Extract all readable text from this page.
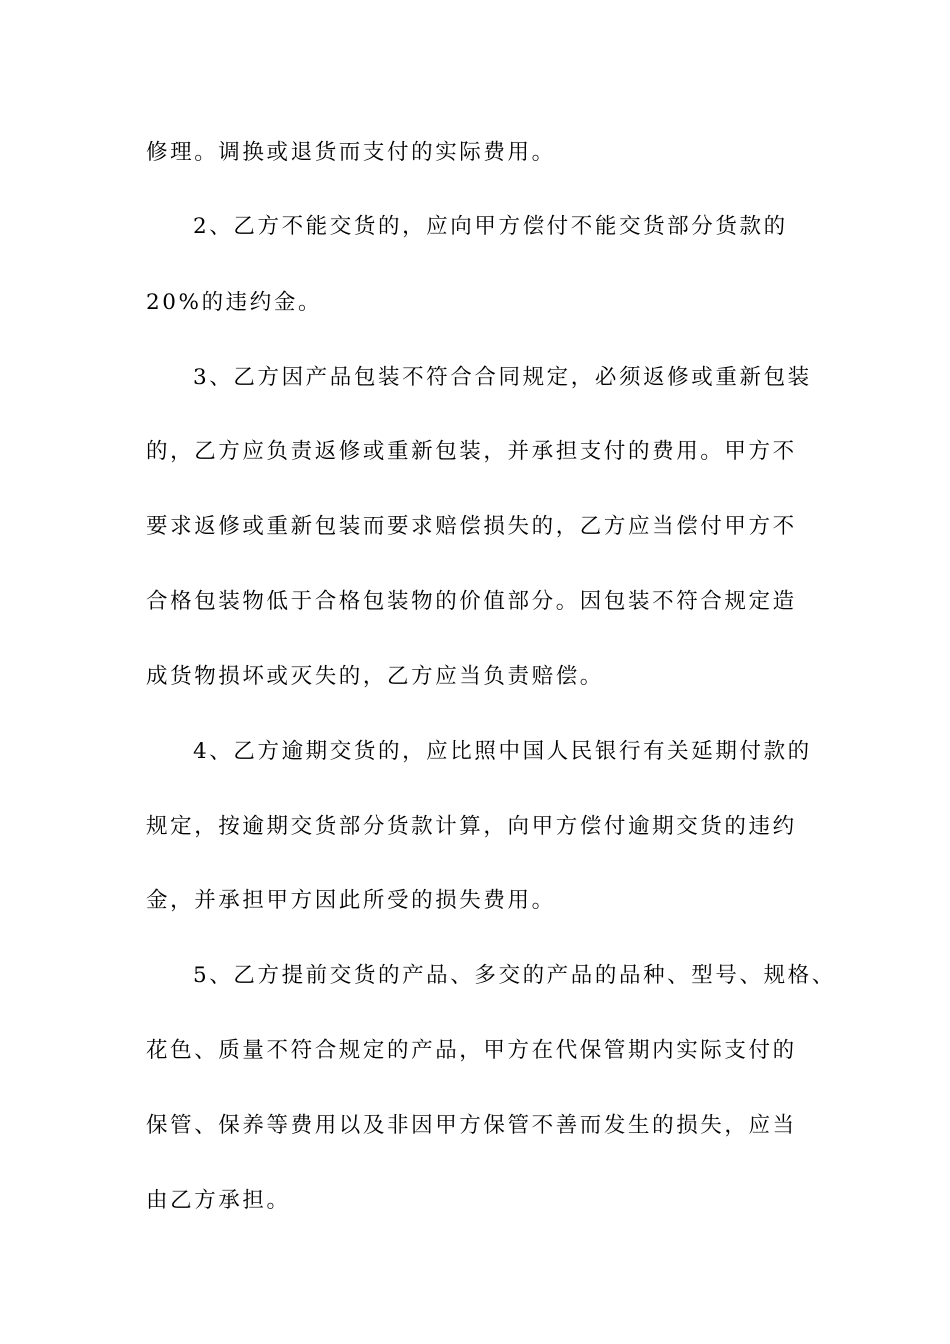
修理。调换或退货而支付的实际费用。
2、乙方不能交货的，应向甲方偿付不能交货部分货款的
20%的违约金。
3、乙方因产品包装不符合合同规定，必须返修或重新包装
的，乙方应负责返修或重新包装，并承担支付的费用。甲方不
要求返修或重新包装而要求赔偿损失的，乙方应当偿付甲方不
合格包装物低于合格包装物的价值部分。因包装不符合规定造
成货物损坏或灭失的，乙方应当负责赔偿。
4、乙方逾期交货的，应比照中国人民银行有关延期付款的
规定，按逾期交货部分货款计算，向甲方偿付逾期交货的违约
金，并承担甲方因此所受的损失费用。
5、乙方提前交货的产品、多交的产品的品种、型号、规格、
花色、质量不符合规定的产品，甲方在代保管期内实际支付的
保管、保养等费用以及非因甲方保管不善而发生的损失，应当
由乙方承担。
